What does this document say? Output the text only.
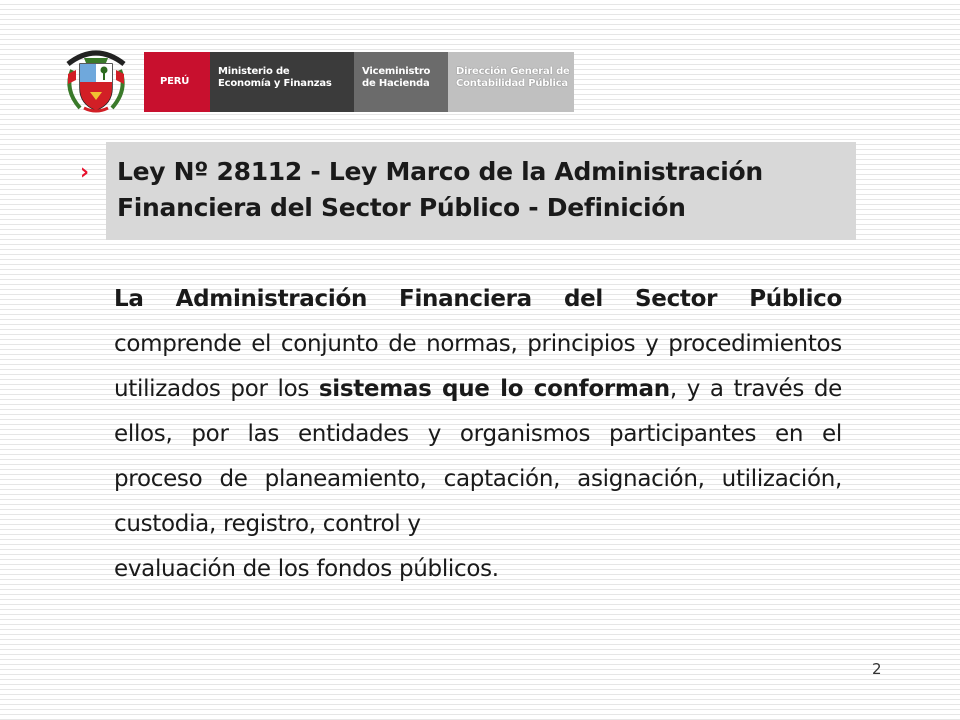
PERÚ
Ministerio de
Economía y Finanzas
Viceministro
de Hacienda
Dirección General de
Contabilidad Pública
› Ley Nº 28112 - Ley Marco de la Administración
Financiera del Sector Público - Definición

La Administración Financiera del Sector Público comprende el conjunto de normas, principios y procedimientos utilizados por los sistemas que lo conforman, y a través de ellos, por las entidades y organismos participantes en el proceso de planeamiento, captación, asignación, utilización, custodia, registro, control y

evaluación de los fondos públicos.

2
